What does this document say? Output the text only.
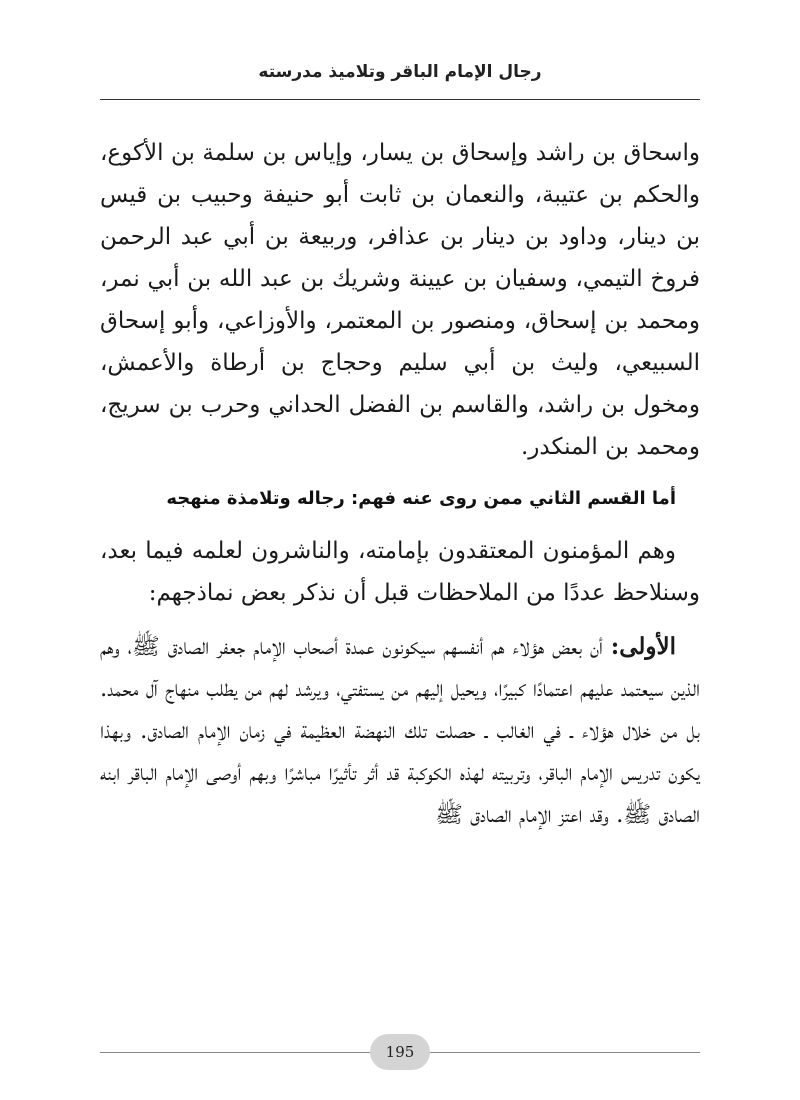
رجال الإمام الباقر وتلاميذ مدرسته

واسحاق بن راشد وإسحاق بن يسار، وإياس بن سلمة بن الأكوع، والحكم بن عتيبة، والنعمان بن ثابت أبو حنيفة وحبيب بن قيس بن دينار، وداود بن دينار بن عذافر، وربيعة بن أبي عبد الرحمن فروخ التيمي، وسفيان بن عيينة وشريك بن عبد الله بن أبي نمر، ومحمد بن إسحاق، ومنصور بن المعتمر، والأوزاعي، وأبو إسحاق السبيعي، وليث بن أبي سليم وحجاج بن أرطاة والأعمش، ومخول بن راشد، والقاسم بن الفضل الحداني وحرب بن سريج، ومحمد بن المنكدر.

أما القسم الثاني ممن روى عنه فهم: رجاله وتلامذة منهجه

وهم المؤمنون المعتقدون بإمامته، والناشرون لعلمه فيما بعد، وسنلاحظ عددًا من الملاحظات قبل أن نذكر بعض نماذجهم:

الأولى: أن بعض هؤلاء هم أنفسهم سيكونون عمدة أصحاب الإمام جعفر الصادق ﷺ، وهم الذين سيعتمد عليهم اعتمادًا كبيرًا، ويحيل إليهم من يستفتي، ويرشد لهم من يطلب منهاج آل محمد. بل من خلال هؤلاء ـ في الغالب ـ حصلت تلك النهضة العظيمة في زمان الإمام الصادق. وبهذا يكون تدريس الإمام الباقر، وتربيته لهذه الكوكبة قد أثر تأثيرًا مباشرًا وبهم أوصى الإمام الباقر ابنه الصادق ﷺ. وقد اعتز الإمام الصادق ﷺ

195
